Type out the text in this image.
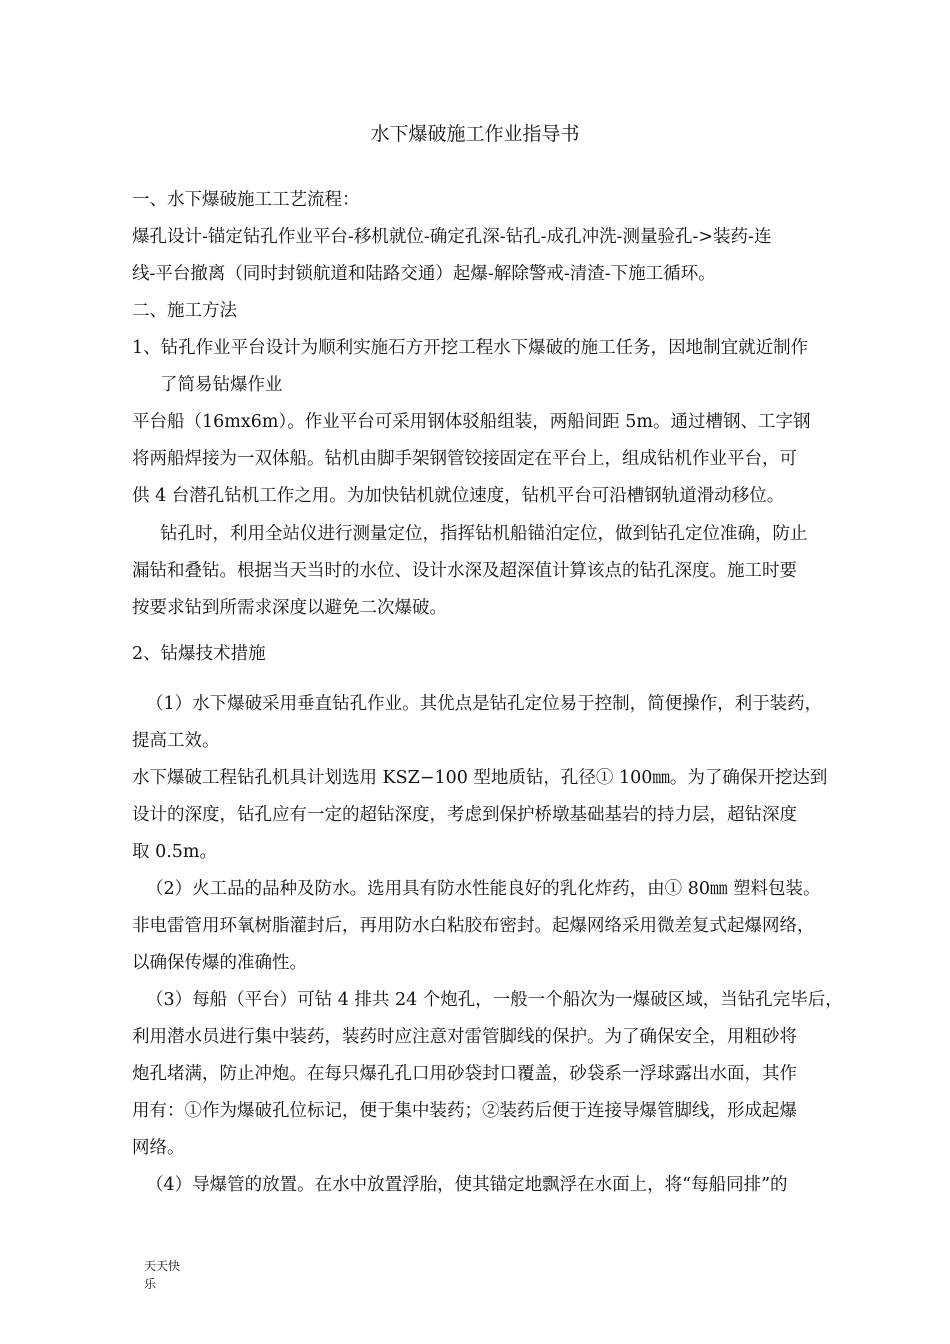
水下爆破施工作业指导书
一、水下爆破施工工艺流程：
爆孔设计-锚定钻孔作业平台-移机就位-确定孔深-钻孔-成孔冲洗-测量验孔->装药-连
线-平台撤离（同时封锁航道和陆路交通）起爆-解除警戒-清渣-下施工循环。
二、施工方法
1、钻孔作业平台设计为顺利实施石方开挖工程水下爆破的施工任务，因地制宜就近制作
了简易钻爆作业
平台船（16mx6m）。作业平台可采用钢体驳船组装，两船间距 5m。通过槽钢、工字钢
将两船焊接为一双体船。钻机由脚手架钢管铰接固定在平台上，组成钻机作业平台，可
供 4 台潜孔钻机工作之用。为加快钻机就位速度，钻机平台可沿槽钢轨道滑动移位。
钻孔时，利用全站仪进行测量定位，指挥钻机船锚泊定位，做到钻孔定位准确，防止
漏钻和叠钻。根据当天当时的水位、设计水深及超深值计算该点的钻孔深度。施工时要
按要求钻到所需求深度以避免二次爆破。
2、钻爆技术措施
（1）水下爆破采用垂直钻孔作业。其优点是钻孔定位易于控制，简便操作，利于装药，
提高工效。
水下爆破工程钻孔机具计划选用 KSZ−100 型地质钻，孔径① 100㎜。为了确保开挖达到
设计的深度，钻孔应有一定的超钻深度，考虑到保护桥墩基础基岩的持力层，超钻深度
取 0.5m。
（2）火工品的品种及防水。选用具有防水性能良好的乳化炸药，由① 80㎜ 塑料包装。
非电雷管用环氧树脂灌封后，再用防水白粘胶布密封。起爆网络采用微差复式起爆网络，
以确保传爆的准确性。
（3）每船（平台）可钻 4 排共 24 个炮孔，一般一个船次为一爆破区域，当钻孔完毕后，
利用潜水员进行集中装药，装药时应注意对雷管脚线的保护。为了确保安全，用粗砂将
炮孔堵满，防止冲炮。在每只爆孔孔口用砂袋封口覆盖，砂袋系一浮球露出水面，其作
用有：①作为爆破孔位标记，便于集中装药；②装药后便于连接导爆管脚线，形成起爆
网络。
（4）导爆管的放置。在水中放置浮胎，使其锚定地飘浮在水面上，将“每船同排”的
天天快乐
